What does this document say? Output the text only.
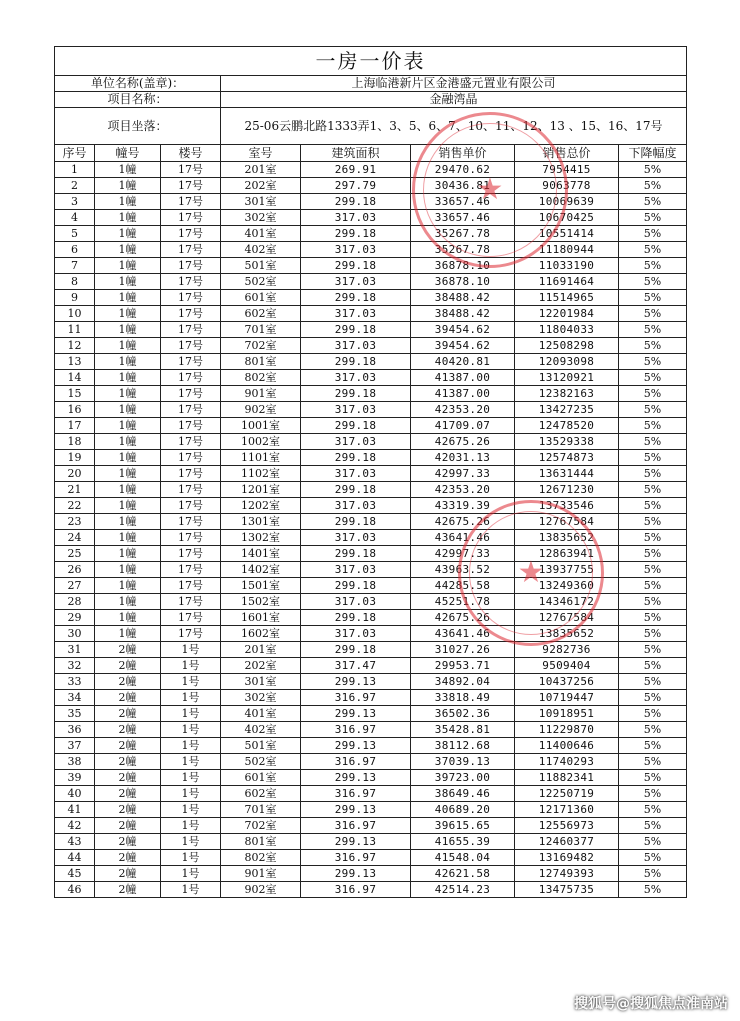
一房一价表							
单位名称(盖章)：			上海临港新片区金港盛元置业有限公司				
项目名称：			金融湾晶				
项目坐落：			25-06云鹏北路1333弄1、3、5、6、7、10、11、12、13 、15、16、17号				
序号	幢号	楼号	室号	建筑面积	销售单价	销售总价	下降幅度
1	1幢	17号	201室	269.91	29470.62	7954415	5%
2	1幢	17号	202室	297.79	30436.81	9063778	5%
3	1幢	17号	301室	299.18	33657.46	10069639	5%
4	1幢	17号	302室	317.03	33657.46	10670425	5%
5	1幢	17号	401室	299.18	35267.78	10551414	5%
6	1幢	17号	402室	317.03	35267.78	11180944	5%
7	1幢	17号	501室	299.18	36878.10	11033190	5%
8	1幢	17号	502室	317.03	36878.10	11691464	5%
9	1幢	17号	601室	299.18	38488.42	11514965	5%
10	1幢	17号	602室	317.03	38488.42	12201984	5%
11	1幢	17号	701室	299.18	39454.62	11804033	5%
12	1幢	17号	702室	317.03	39454.62	12508298	5%
13	1幢	17号	801室	299.18	40420.81	12093098	5%
14	1幢	17号	802室	317.03	41387.00	13120921	5%
15	1幢	17号	901室	299.18	41387.00	12382163	5%
16	1幢	17号	902室	317.03	42353.20	13427235	5%
17	1幢	17号	1001室	299.18	41709.07	12478520	5%
18	1幢	17号	1002室	317.03	42675.26	13529338	5%
19	1幢	17号	1101室	299.18	42031.13	12574873	5%
20	1幢	17号	1102室	317.03	42997.33	13631444	5%
21	1幢	17号	1201室	299.18	42353.20	12671230	5%
22	1幢	17号	1202室	317.03	43319.39	13733546	5%
23	1幢	17号	1301室	299.18	42675.26	12767584	5%
24	1幢	17号	1302室	317.03	43641.46	13835652	5%
25	1幢	17号	1401室	299.18	42997.33	12863941	5%
26	1幢	17号	1402室	317.03	43963.52	13937755	5%
27	1幢	17号	1501室	299.18	44285.58	13249360	5%
28	1幢	17号	1502室	317.03	45251.78	14346172	5%
29	1幢	17号	1601室	299.18	42675.26	12767584	5%
30	1幢	17号	1602室	317.03	43641.46	13835652	5%
31	2幢	1号	201室	299.18	31027.26	9282736	5%
32	2幢	1号	202室	317.47	29953.71	9509404	5%
33	2幢	1号	301室	299.13	34892.04	10437256	5%
34	2幢	1号	302室	316.97	33818.49	10719447	5%
35	2幢	1号	401室	299.13	36502.36	10918951	5%
36	2幢	1号	402室	316.97	35428.81	11229870	5%
37	2幢	1号	501室	299.13	38112.68	11400646	5%
38	2幢	1号	502室	316.97	37039.13	11740293	5%
39	2幢	1号	601室	299.13	39723.00	11882341	5%
40	2幢	1号	602室	316.97	38649.46	12250719	5%
41	2幢	1号	701室	299.13	40689.20	12171360	5%
42	2幢	1号	702室	316.97	39615.65	12556973	5%
43	2幢	1号	801室	299.13	41655.39	12460377	5%
44	2幢	1号	802室	316.97	41548.04	13169482	5%
45	2幢	1号	901室	299.13	42621.58	12749393	5%
46	2幢	1号	902室	316.97	42514.23	13475735	5%
★
★
搜狐号@搜狐焦点淮南站
